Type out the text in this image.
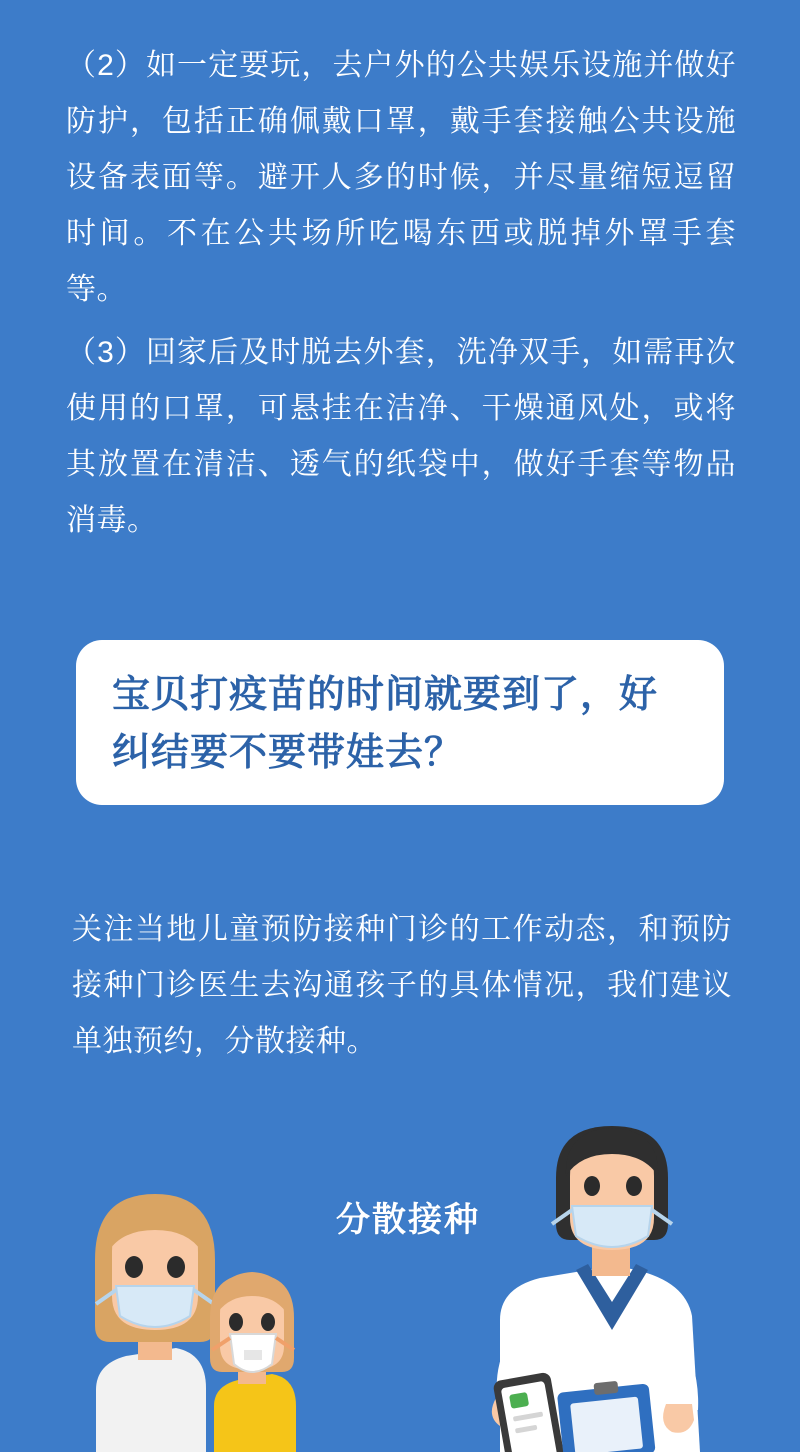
（2）如一定要玩，去户外的公共娱乐设施并做好防护，包括正确佩戴口罩，戴手套接触公共设施设备表面等。避开人多的时候，并尽量缩短逗留时间。不在公共场所吃喝东西或脱掉外罩手套等。
（3）回家后及时脱去外套，洗净双手，如需再次使用的口罩，可悬挂在洁净、干燥通风处，或将其放置在清洁、透气的纸袋中，做好手套等物品消毒。
宝贝打疫苗的时间就要到了，好纠结要不要带娃去？
关注当地儿童预防接种门诊的工作动态，和预防接种门诊医生去沟通孩子的具体情况，我们建议单独预约，分散接种。
分散接种
